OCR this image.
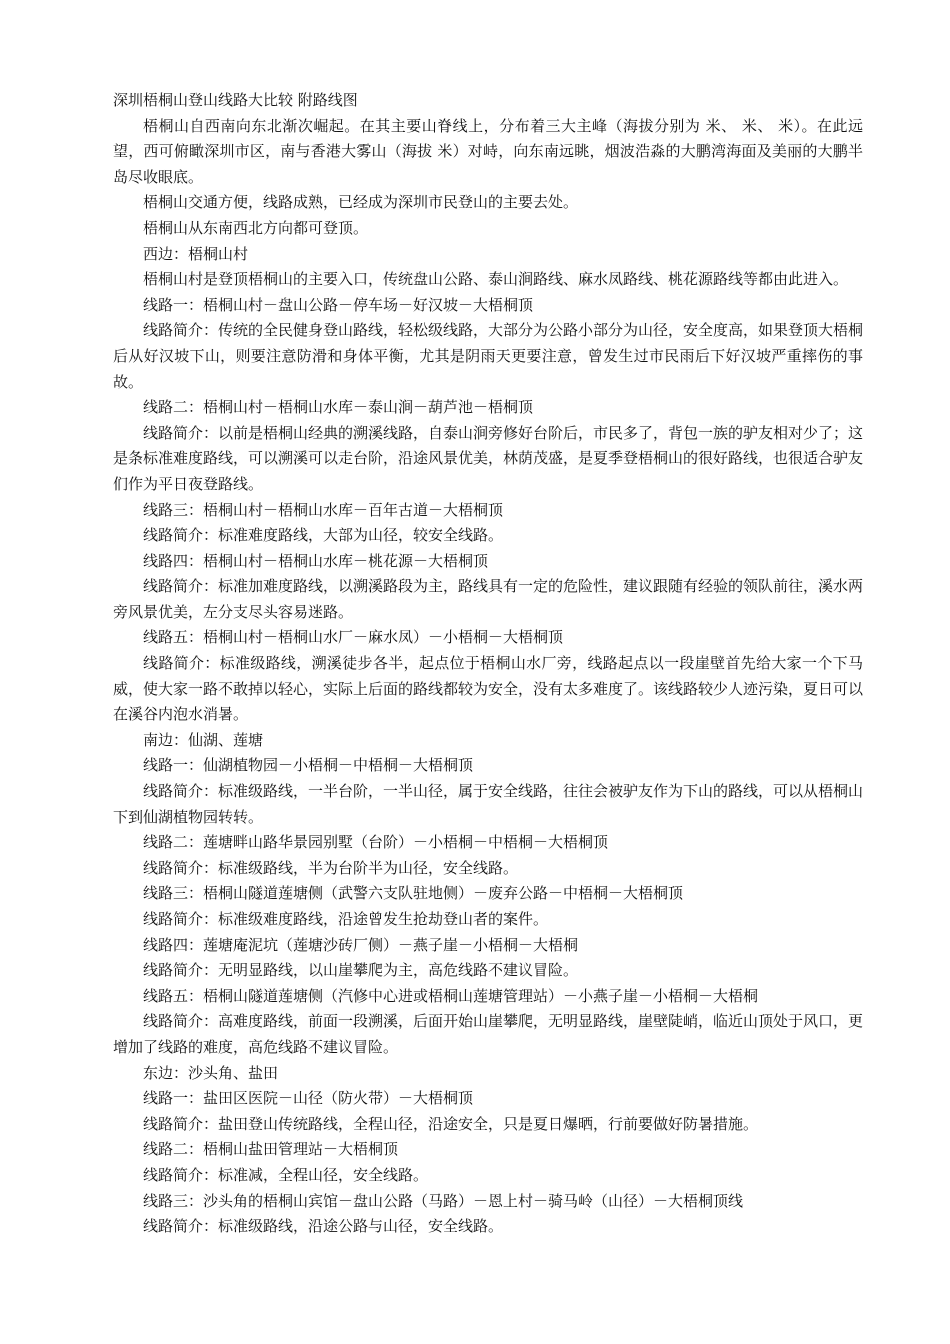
深圳梧桐山登山线路大比较 附路线图

梧桐山自西南向东北渐次崛起。在其主要山脊线上，分布着三大主峰（海拔分别为 米、 米、 米）。在此远望，西可俯瞰深圳市区，南与香港大雾山（海拔 米）对峙，向东南远眺，烟波浩淼的大鹏湾海面及美丽的大鹏半岛尽收眼底。

梧桐山交通方便，线路成熟，已经成为深圳市民登山的主要去处。

梧桐山从东南西北方向都可登顶。

西边：梧桐山村

梧桐山村是登顶梧桐山的主要入口，传统盘山公路、泰山涧路线、麻水凤路线、桃花源路线等都由此进入。

线路一：梧桐山村－盘山公路－停车场－好汉坡－大梧桐顶

线路简介：传统的全民健身登山路线，轻松级线路，大部分为公路小部分为山径，安全度高，如果登顶大梧桐后从好汉坡下山，则要注意防滑和身体平衡，尤其是阴雨天更要注意，曾发生过市民雨后下好汉坡严重摔伤的事故。

线路二：梧桐山村－梧桐山水库－泰山涧－葫芦池－梧桐顶

线路简介：以前是梧桐山经典的溯溪线路，自泰山涧旁修好台阶后，市民多了，背包一族的驴友相对少了；这是条标准难度路线，可以溯溪可以走台阶，沿途风景优美，林荫茂盛，是夏季登梧桐山的很好路线，也很适合驴友们作为平日夜登路线。

线路三：梧桐山村－梧桐山水库－百年古道－大梧桐顶

线路简介：标准难度路线，大部为山径，较安全线路。

线路四：梧桐山村－梧桐山水库－桃花源－大梧桐顶

线路简介：标准加难度路线，以溯溪路段为主，路线具有一定的危险性，建议跟随有经验的领队前往，溪水两旁风景优美，左分支尽头容易迷路。

线路五：梧桐山村－梧桐山水厂－麻水凤）－小梧桐－大梧桐顶

线路简介：标准级路线，溯溪徒步各半，起点位于梧桐山水厂旁，线路起点以一段崖壁首先给大家一个下马威，使大家一路不敢掉以轻心，实际上后面的路线都较为安全，没有太多难度了。该线路较少人迹污染，夏日可以在溪谷内泡水消暑。

南边：仙湖、莲塘

线路一：仙湖植物园－小梧桐－中梧桐－大梧桐顶

线路简介：标准级路线，一半台阶，一半山径，属于安全线路，往往会被驴友作为下山的路线，可以从梧桐山下到仙湖植物园转转。

线路二：莲塘畔山路华景园别墅（台阶）－小梧桐－中梧桐－大梧桐顶

线路简介：标准级路线，半为台阶半为山径，安全线路。

线路三：梧桐山隧道莲塘侧（武警六支队驻地侧）－废弃公路－中梧桐－大梧桐顶

线路简介：标准级难度路线，沿途曾发生抢劫登山者的案件。

线路四：莲塘庵泥坑（莲塘沙砖厂侧）－燕子崖－小梧桐－大梧桐

线路简介：无明显路线，以山崖攀爬为主，高危线路不建议冒险。

线路五：梧桐山隧道莲塘侧（汽修中心进或梧桐山莲塘管理站）－小燕子崖－小梧桐－大梧桐

线路简介：高难度路线，前面一段溯溪，后面开始山崖攀爬，无明显路线，崖壁陡峭，临近山顶处于风口，更增加了线路的难度，高危线路不建议冒险。

东边：沙头角、盐田

线路一：盐田区医院－山径（防火带）－大梧桐顶

线路简介：盐田登山传统路线，全程山径，沿途安全，只是夏日爆晒，行前要做好防暑措施。

线路二：梧桐山盐田管理站－大梧桐顶

线路简介：标准减，全程山径，安全线路。

线路三：沙头角的梧桐山宾馆－盘山公路（马路）－恩上村－骑马岭（山径）－大梧桐顶线

线路简介：标准级路线，沿途公路与山径，安全线路。
